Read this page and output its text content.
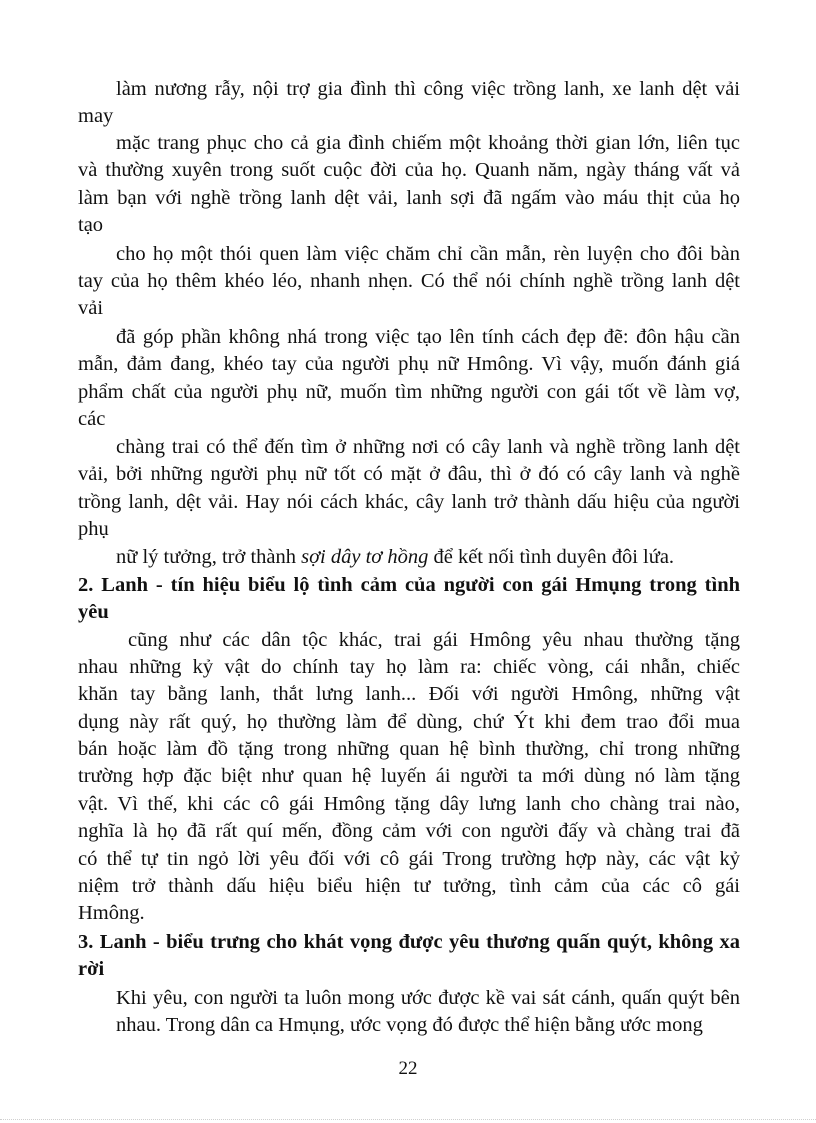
làm nương rẫy, nội trợ gia đình thì công việc trồng lanh, xe lanh dệt vải
may
mặc trang phục cho cả gia đình chiếm một khoảng thời gian lớn, liên tục
và thường xuyên trong suốt cuộc đời của họ. Quanh năm, ngày tháng vất vả
làm bạn với nghề trồng lanh dệt vải, lanh sợi đã ngấm vào máu thịt của họ
tạo
cho họ một thói quen làm việc chăm chỉ cần mẫn, rèn luyện cho đôi bàn
tay của họ thêm khéo léo, nhanh nhẹn. Có thể nói chính nghề trồng lanh dệt
vải
đã góp phần không nhá trong việc tạo lên tính cách đẹp đẽ: đôn hậu cần
mẫn, đảm đang, khéo tay của người phụ nữ Hmông. Vì vậy, muốn đánh giá
phẩm chất của người phụ nữ, muốn tìm những người con gái tốt về làm vợ,
các
chàng trai có thể đến tìm ở những nơi có cây lanh và nghề trồng lanh dệt
vải, bởi những người phụ nữ tốt có mặt ở đâu, thì ở đó có cây lanh và nghề
trồng lanh, dệt vải. Hay nói cách khác, cây lanh trở thành dấu hiệu của người
phụ
nữ lý tưởng, trở thành sợi dây tơ hồng để kết nối tình duyên đôi lứa.
2. Lanh - tín hiệu biểu lộ tình cảm của người con gái Hmụng trong tình
yêu
cũng như các dân tộc khác, trai gái Hmông yêu nhau thường tặng
nhau những kỷ vật do chính tay họ làm ra: chiếc vòng, cái nhẫn, chiếc
khăn tay bằng lanh, thắt lưng lanh... Đối với người Hmông, những vật
dụng này rất quý, họ thường làm để dùng, chứ Ýt khi đem trao đổi mua
bán hoặc làm đồ tặng trong những quan hệ bình thường, chỉ trong những
trường hợp đặc biệt như quan hệ luyến ái người ta mới dùng nó làm tặng
vật. Vì thế, khi các cô gái Hmông tặng dây lưng lanh cho chàng trai nào,
nghĩa là họ đã rất quí mến, đồng cảm với con người đấy và chàng trai đã
có thể tự tin ngỏ lời yêu đối với cô gái Trong trường hợp này, các vật kỷ
niệm trở thành dấu hiệu biểu hiện tư tưởng, tình cảm của các cô gái
Hmông.
3. Lanh - biểu trưng cho khát vọng được yêu thương quấn quýt, không xa
rời
Khi yêu, con người ta luôn mong ước được kề vai sát cánh, quấn quýt bên
nhau. Trong dân ca Hmụng, ước vọng đó được thể hiện bằng ước mong
22
